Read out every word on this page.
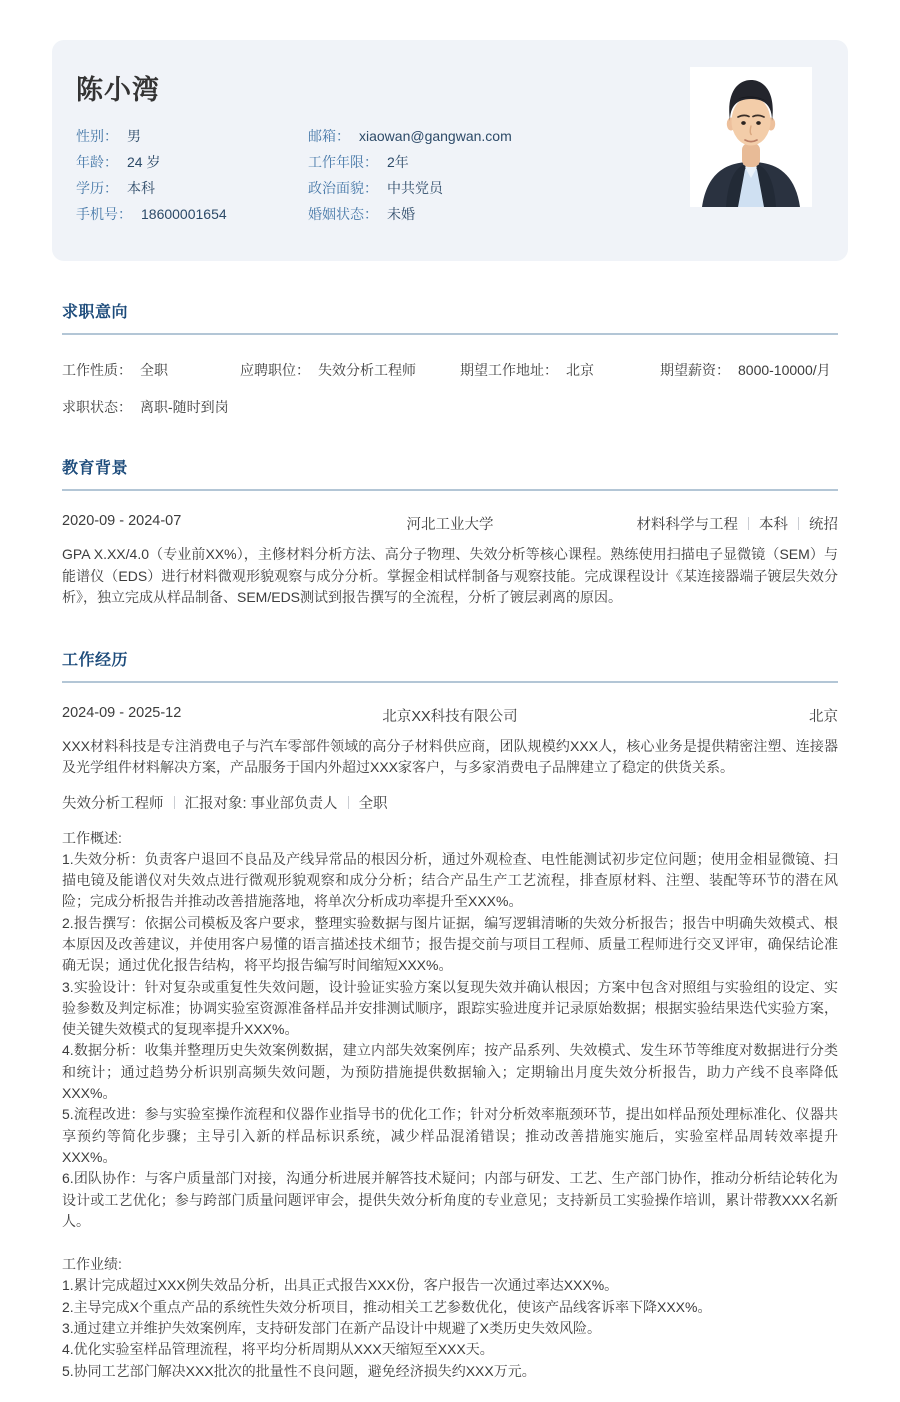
陈小湾
性别： 男
年龄： 24 岁
学历： 本科
手机号： 18600001654
邮箱： xiaowan@gangwan.com
工作年限： 2年
政治面貌： 中共党员
婚姻状态： 未婚
求职意向
工作性质： 全职	应聘职位： 失效分析工程师	期望工作地址： 北京	期望薪资： 8000-10000/月
求职状态： 离职-随时到岗
教育背景
2020-09 - 2024-07	河北工业大学	材料科学与工程 本科 统招

GPA X.XX/4.0（专业前XX%），主修材料分析方法、高分子物理、失效分析等核心课程。熟练使用扫描电子显微镜（SEM）与能谱仪（EDS）进行材料微观形貌观察与成分分析。掌握金相试样制备与观察技能。完成课程设计《某连接器端子镀层失效分析》，独立完成从样品制备、SEM/EDS测试到报告撰写的全流程，分析了镀层剥离的原因。

工作经历
2024-09 - 2025-12	北京XX科技有限公司	北京

XXX材料科技是专注消费电子与汽车零部件领域的高分子材料供应商，团队规模约XXX人，核心业务是提供精密注塑、连接器及光学组件材料解决方案，产品服务于国内外超过XXX家客户，与多家消费电子品牌建立了稳定的供货关系。

失效分析工程师 汇报对象: 事业部负责人 全职
工作概述:
1.失效分析：负责客户退回不良品及产线异常品的根因分析，通过外观检查、电性能测试初步定位问题；使用金相显微镜、扫描电镜及能谱仪对失效点进行微观形貌观察和成分分析；结合产品生产工艺流程，排查原材料、注塑、装配等环节的潜在风险；完成分析报告并推动改善措施落地，将单次分析成功率提升至XXX%。
2.报告撰写：依据公司模板及客户要求，整理实验数据与图片证据，编写逻辑清晰的失效分析报告；报告中明确失效模式、根本原因及改善建议，并使用客户易懂的语言描述技术细节；报告提交前与项目工程师、质量工程师进行交叉评审，确保结论准确无误；通过优化报告结构，将平均报告编写时间缩短XXX%。
3.实验设计：针对复杂或重复性失效问题，设计验证实验方案以复现失效并确认根因；方案中包含对照组与实验组的设定、实验参数及判定标准；协调实验室资源准备样品并安排测试顺序，跟踪实验进度并记录原始数据；根据实验结果迭代实验方案，使关键失效模式的复现率提升XXX%。
4.数据分析：收集并整理历史失效案例数据，建立内部失效案例库；按产品系列、失效模式、发生环节等维度对数据进行分类和统计；通过趋势分析识别高频失效问题，为预防措施提供数据输入；定期输出月度失效分析报告，助力产线不良率降低XXX%。
5.流程改进：参与实验室操作流程和仪器作业指导书的优化工作；针对分析效率瓶颈环节，提出如样品预处理标准化、仪器共享预约等简化步骤；主导引入新的样品标识系统，减少样品混淆错误；推动改善措施实施后，实验室样品周转效率提升XXX%。
6.团队协作：与客户质量部门对接，沟通分析进展并解答技术疑问；内部与研发、工艺、生产部门协作，推动分析结论转化为设计或工艺优化；参与跨部门质量问题评审会，提供失效分析角度的专业意见；支持新员工实验操作培训，累计带教XXX名新人。
工作业绩:
1.累计完成超过XXX例失效品分析，出具正式报告XXX份，客户报告一次通过率达XXX%。
2.主导完成X个重点产品的系统性失效分析项目，推动相关工艺参数优化，使该产品线客诉率下降XXX%。
3.通过建立并维护失效案例库，支持研发部门在新产品设计中规避了X类历史失效风险。
4.优化实验室样品管理流程，将平均分析周期从XXX天缩短至XXX天。
5.协同工艺部门解决XXX批次的批量性不良问题，避免经济损失约XXX万元。
